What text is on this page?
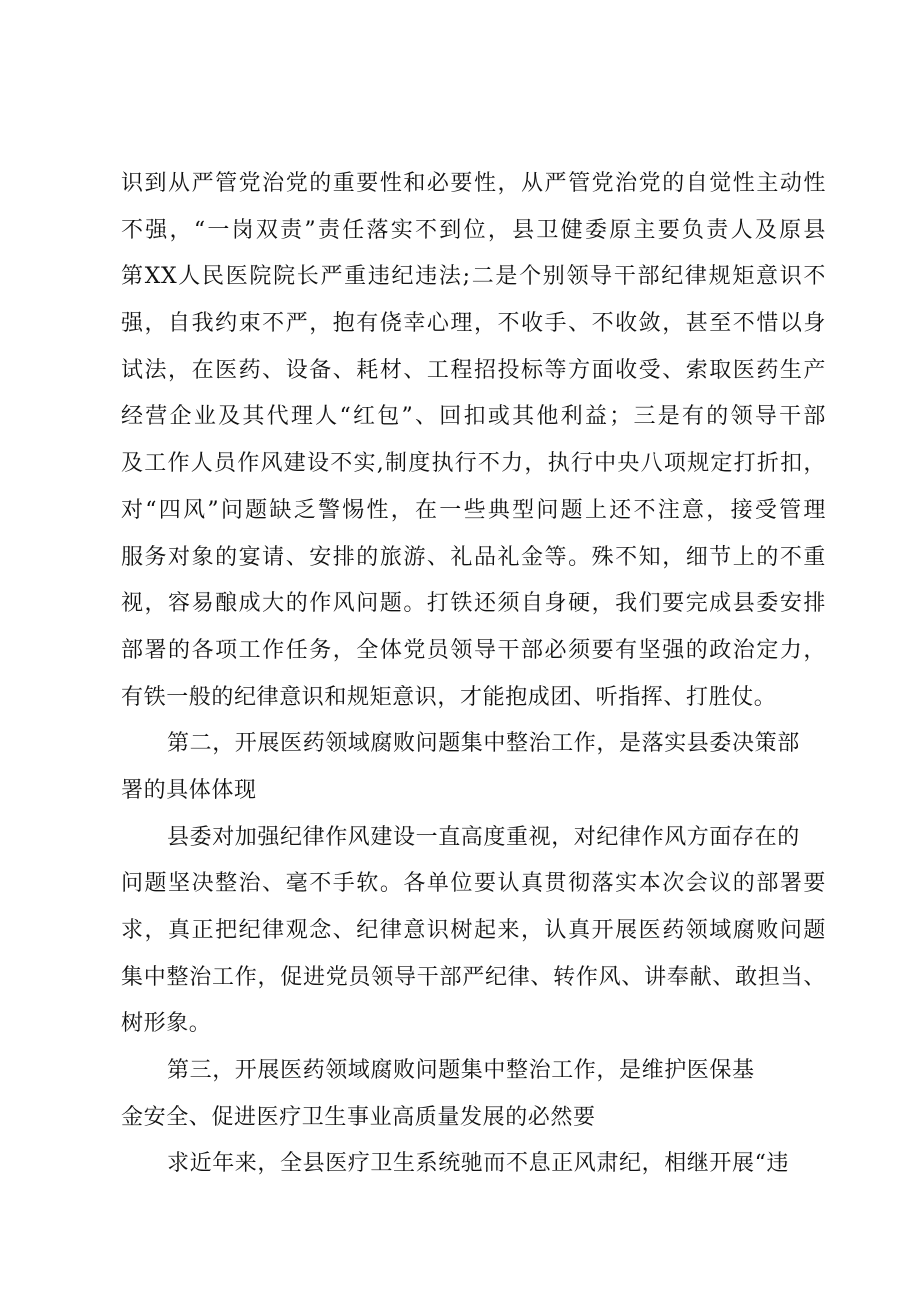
识到从严管党治党的重要性和必要性，从严管党治党的自觉性主动性
不强，“一岗双责”责任落实不到位，县卫健委原主要负责人及原县
第XX人民医院院长严重违纪违法;二是个别领导干部纪律规矩意识不
强，自我约束不严，抱有侥幸心理，不收手、不收敛，甚至不惜以身
试法，在医药、设备、耗材、工程招投标等方面收受、索取医药生产
经营企业及其代理人“红包”、回扣或其他利益；三是有的领导干部
及工作人员作风建设不实,制度执行不力，执行中央八项规定打折扣，
对“四风”问题缺乏警惕性，在一些典型问题上还不注意，接受管理
服务对象的宴请、安排的旅游、礼品礼金等。殊不知，细节上的不重
视，容易酿成大的作风问题。打铁还须自身硬，我们要完成县委安排
部署的各项工作任务，全体党员领导干部必须要有坚强的政治定力，
有铁一般的纪律意识和规矩意识，才能抱成团、听指挥、打胜仗。
第二，开展医药领域腐败问题集中整治工作，是落实县委决策部
署的具体体现
县委对加强纪律作风建设一直高度重视，对纪律作风方面存在的
问题坚决整治、毫不手软。各单位要认真贯彻落实本次会议的部署要
求，真正把纪律观念、纪律意识树起来，认真开展医药领域腐败问题
集中整治工作，促进党员领导干部严纪律、转作风、讲奉献、敢担当、
树形象。
第三，开展医药领域腐败问题集中整治工作，是维护医保基
金安全、促进医疗卫生事业高质量发展的必然要
求近年来，全县医疗卫生系统驰而不息正风肃纪，相继开展“违
